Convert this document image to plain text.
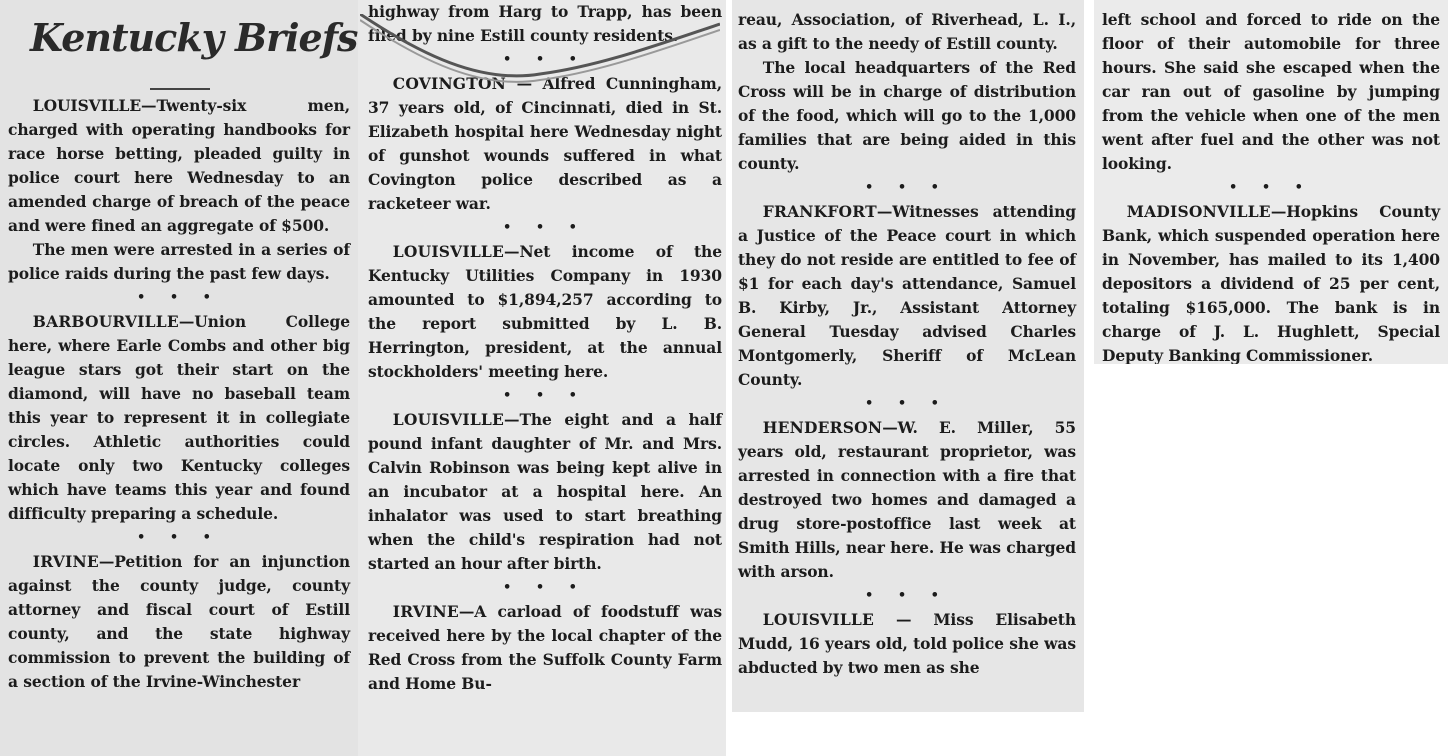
LOUISVILLE—Twenty-six men, charged with operating handbooks for race horse betting, pleaded guilty in police court here Wednesday to an amended charge of breach of the peace and were fined an aggregate of $500.

The men were arrested in a series of police raids during the past few days.

• • •

BARBOURVILLE—Union College here, where Earle Combs and other big league stars got their start on the diamond, will have no baseball team this year to represent it in collegiate circles. Athletic authorities could locate only two Kentucky colleges which have teams this year and found difficulty preparing a schedule.

• • •

IRVINE—Petition for an injunction against the county judge, county attorney and fiscal court of Estill county, and the state highway commission to prevent the building of a section of the Irvine-Winchester

Kentucky Briefs

highway from Harg to Trapp, has been filed by nine Estill county residents.

• • •

COVINGTON — Alfred Cunningham, 37 years old, of Cincinnati, died in St. Elizabeth hospital here Wednesday night of gunshot wounds suffered in what Covington police described as a racketeer war.

• • •

LOUISVILLE—Net income of the Kentucky Utilities Company in 1930 amounted to $1,894,257 according to the report submitted by L. B. Herrington, president, at the annual stockholders' meeting here.

• • •

LOUISVILLE—The eight and a half pound infant daughter of Mr. and Mrs. Calvin Robinson was being kept alive in an incubator at a hospital here. An inhalator was used to start breathing when the child's respiration had not started an hour after birth.

• • •

IRVINE—A carload of foodstuff was received here by the local chapter of the Red Cross from the Suffolk County Farm and Home Bu-

reau, Association, of Riverhead, L. I., as a gift to the needy of Estill county.

The local headquarters of the Red Cross will be in charge of distribution of the food, which will go to the 1,000 families that are being aided in this county.

• • •

FRANKFORT—Witnesses attending a Justice of the Peace court in which they do not reside are entitled to fee of $1 for each day's attendance, Samuel B. Kirby, Jr., Assistant Attorney General Tuesday advised Charles Montgomerly, Sheriff of McLean County.

• • •

HENDERSON—W. E. Miller, 55 years old, restaurant proprietor, was arrested in connection with a fire that destroyed two homes and damaged a drug store-postoffice last week at Smith Hills, near here. He was charged with arson.

• • •

LOUISVILLE — Miss Elisabeth Mudd, 16 years old, told police she was abducted by two men as she

left school and forced to ride on the floor of their automobile for three hours. She said she escaped when the car ran out of gasoline by jumping from the vehicle when one of the men went after fuel and the other was not looking.

• • •

MADISONVILLE—Hopkins County Bank, which suspended operation here in November, has mailed to its 1,400 depositors a dividend of 25 per cent, totaling $165,000. The bank is in charge of J. L. Hughlett, Special Deputy Banking Commissioner.
